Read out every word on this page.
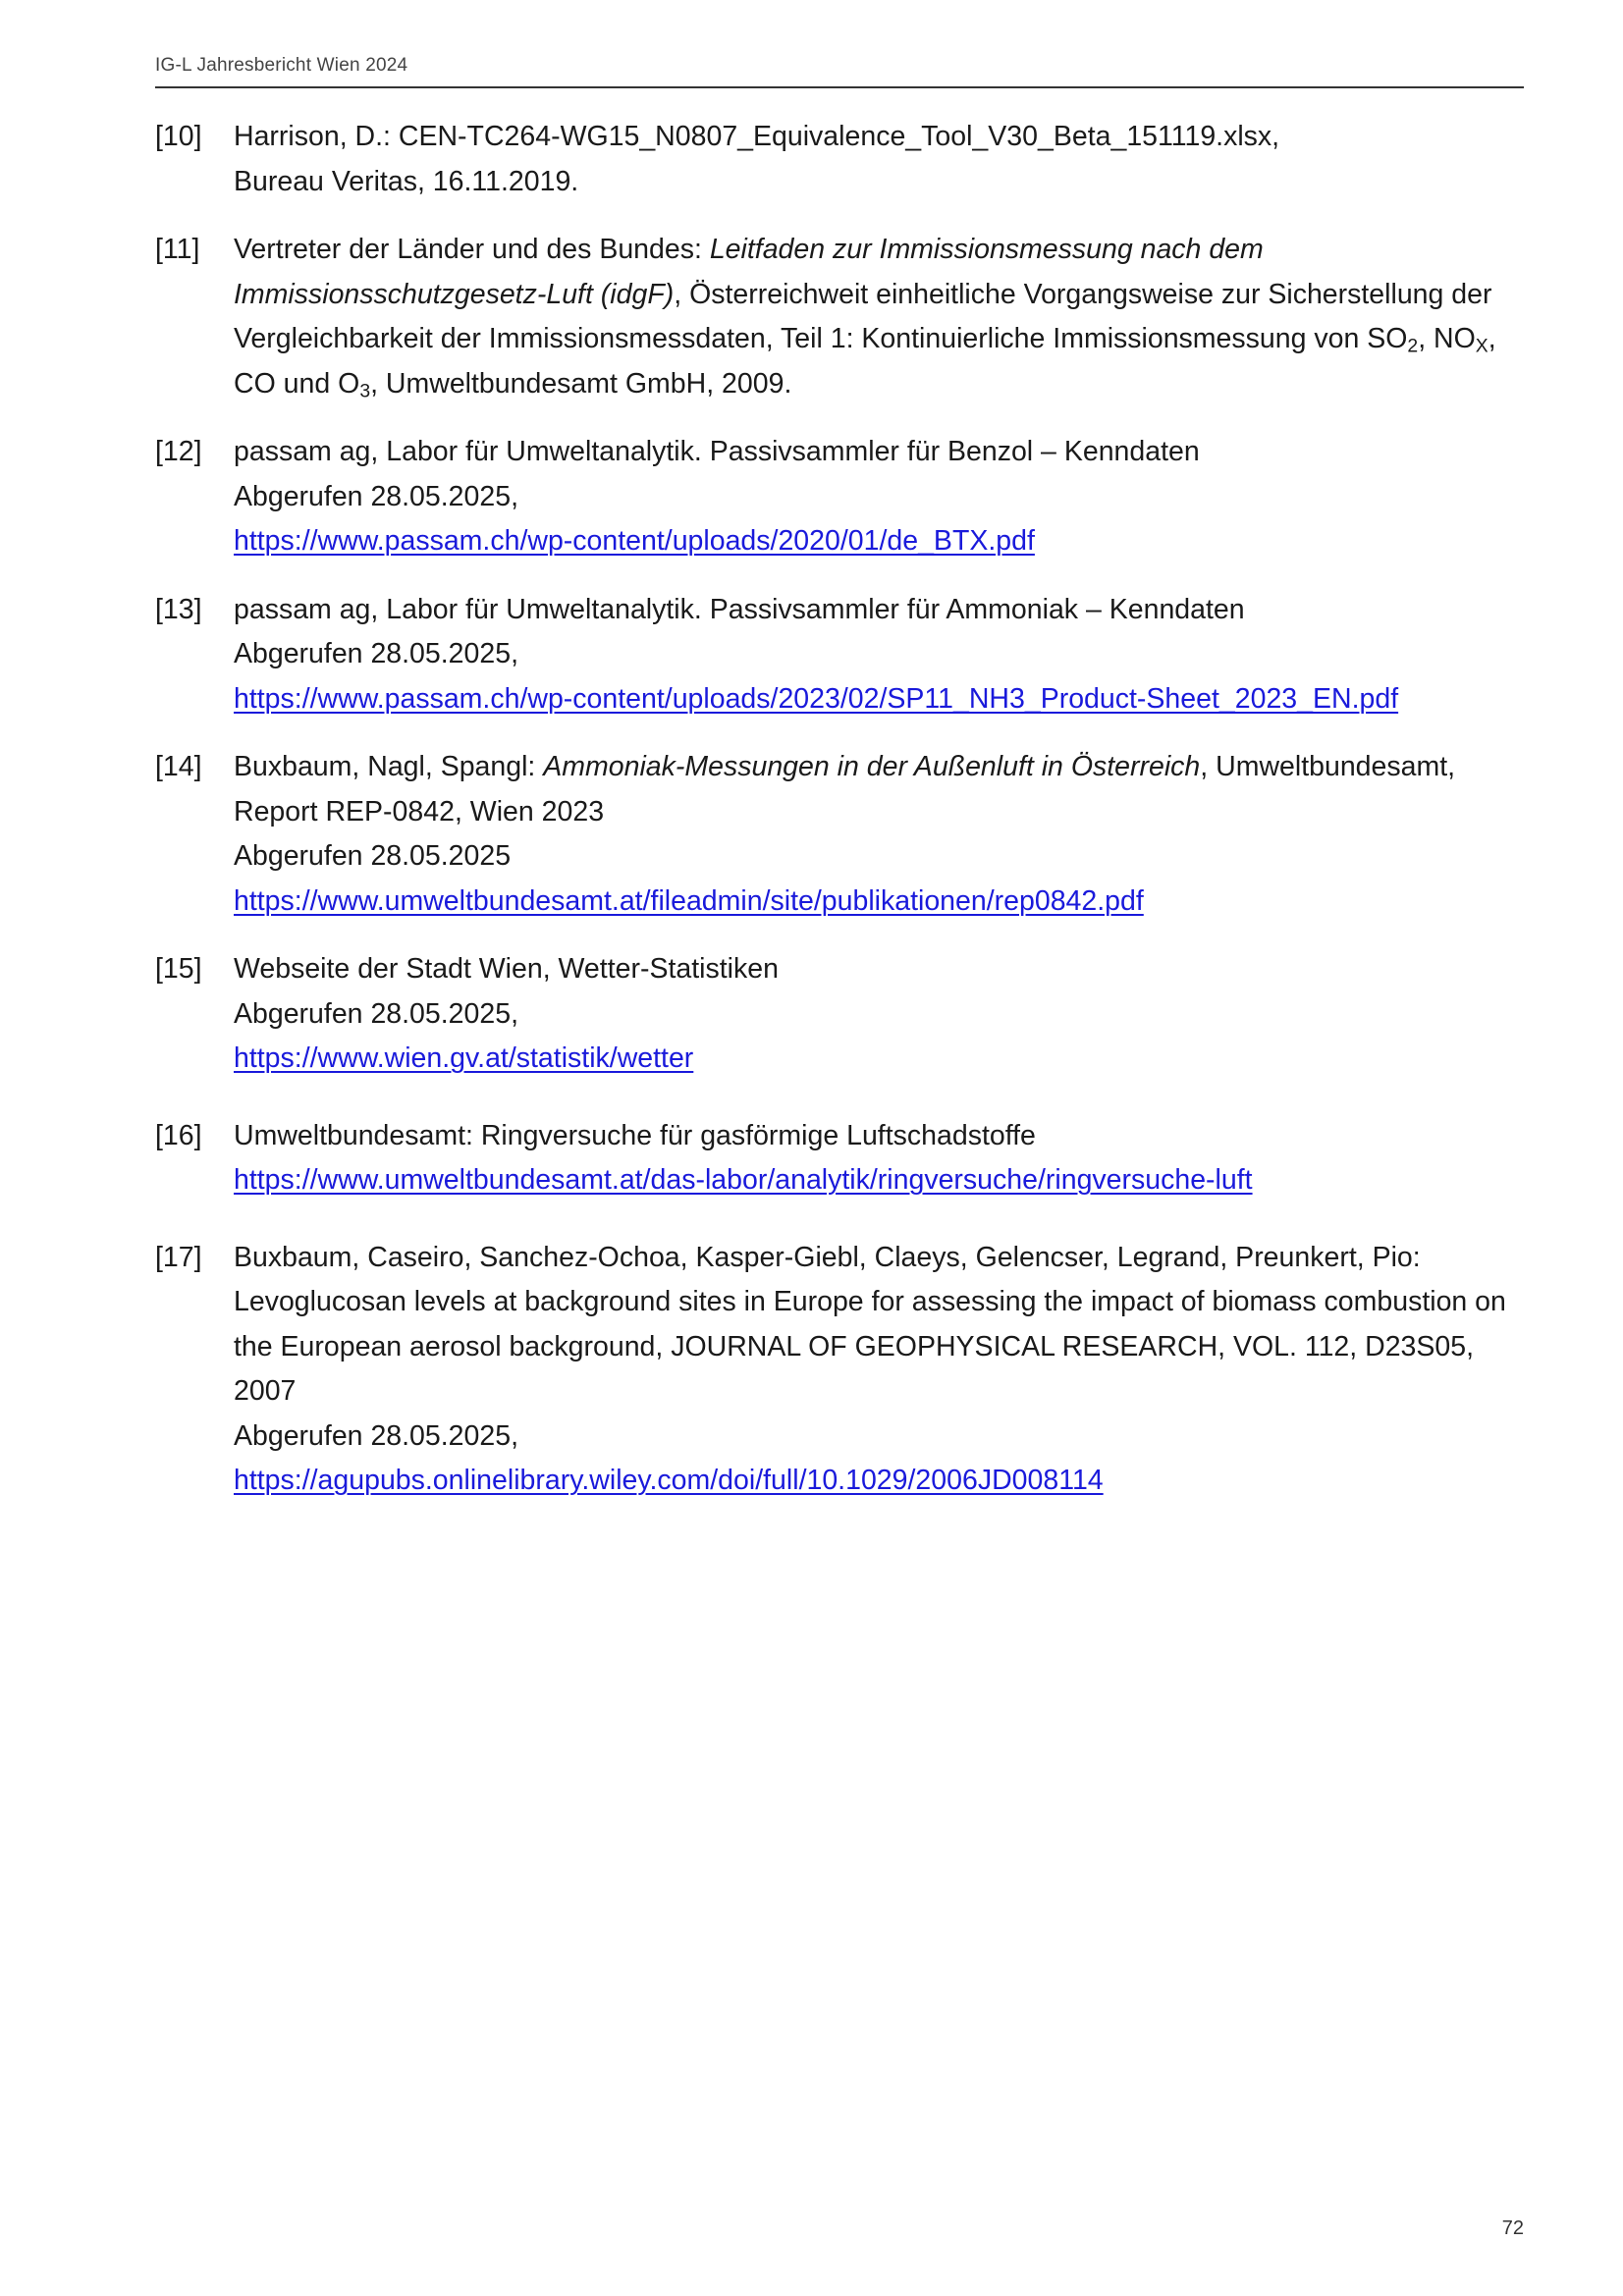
IG-L Jahresbericht Wien 2024
[10] Harrison, D.: CEN-TC264-WG15_N0807_Equivalence_Tool_V30_Beta_151119.xlsx,
Bureau Veritas, 16.11.2019.
[11] Vertreter der Länder und des Bundes: Leitfaden zur Immissionsmessung nach dem
Immissionsschutzgesetz-Luft (idgF), Österreichweit einheitliche Vorgangsweise zur Sicherstellung der
Vergleichbarkeit der Immissionsmessdaten, Teil 1: Kontinuierliche Immissionsmessung von $SO_2$, $NO_X$,
CO und $O_3$, Umweltbundesamt GmbH, 2009.
[12] passam ag, Labor für Umweltanalytik. Passivsammler für Benzol – Kenndaten
Abgerufen 28.05.2025,
https://www.passam.ch/wp-content/uploads/2020/01/de_BTX.pdf
[13] passam ag, Labor für Umweltanalytik. Passivsammler für Ammoniak – Kenndaten
Abgerufen 28.05.2025,
https://www.passam.ch/wp-content/uploads/2023/02/SP11_NH3_Product-Sheet_2023_EN.pdf
[14] Buxbaum, Nagl, Spangl: Ammoniak-Messungen in der Außenluft in Österreich, Umweltbundesamt,
Report REP-0842, Wien 2023
Abgerufen 28.05.2025
https://www.umweltbundesamt.at/fileadmin/site/publikationen/rep0842.pdf
[15] Webseite der Stadt Wien, Wetter-Statistiken
Abgerufen 28.05.2025,
https://www.wien.gv.at/statistik/wetter
[16] Umweltbundesamt: Ringversuche für gasförmige Luftschadstoffe
https://www.umweltbundesamt.at/das-labor/analytik/ringversuche/ringversuche-luft
[17] Buxbaum, Caseiro, Sanchez-Ochoa, Kasper-Giebl, Claeys, Gelencser, Legrand, Preunkert, Pio: Levoglucosan levels at background sites in Europe for assessing the impact of biomass combustion on the European aerosol background, JOURNAL OF GEOPHYSICAL RESEARCH, VOL. 112, D23S05, 2007
Abgerufen 28.05.2025,
https://agupubs.onlinelibrary.wiley.com/doi/full/10.1029/2006JD008114
72
